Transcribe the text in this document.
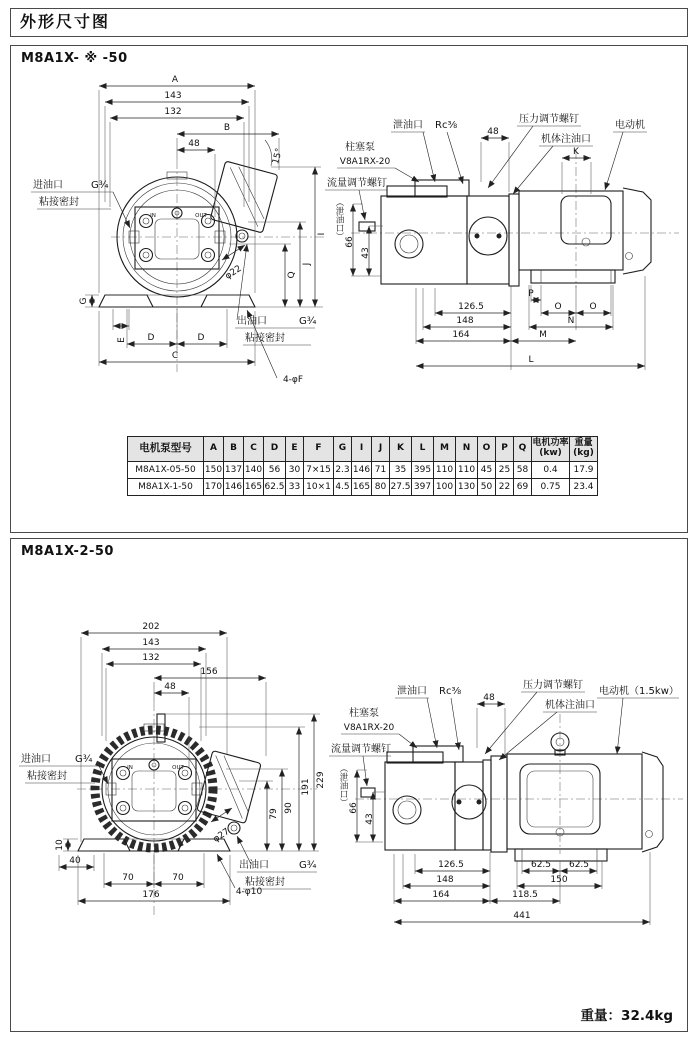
外形尺寸图
M8A1X- ※ -50
IN	OUT
A
143
132
B
48
进油口	G¾
粘接密封
G
E D	D
C
4-φF
I
J
Q
15°
φ22
出油口	G¾
粘接密封
泄油口 Rc⅜
48
压力调节螺钉
机体注油口
电动机
柱塞泵
V8A1RX-20
流量调节螺钉
（泄油口）
66
43
K
126.5
P
O	O
148	N
164	M
L
电机泵型号	A	B	C	D	E	F	G	I	J	K	L	M	N	O	P	Q	电机功率 (kw)	重量 (kg)
M8A1X-05-50	150	137	140	56	30	7×15	2.3	146	71	35	395	110	110	45	25	58	0.4	17.9
M8A1X-1-50	170	146	165	62.5	33	10×1	4.5	165	80	27.5	397	100	130	50	22	69	0.75	23.4
M8A1X-2-50
IN	OUT
202
143
132
156
48
进油口 G¾
粘接密封
10
40
70	70
176	4-φ10
79
90
191 229
φ27
出油口	G¾
粘接密封
泄油口 Rc⅜
48
压力调节螺钉
机体注油口
电动机（1.5kw）
柱塞泵
V8A1RX-20
流量调节螺钉
（泄油口）
66
43
126.5	62.5 62.5
148	150
164	118.5
441
重量：32.4kg
